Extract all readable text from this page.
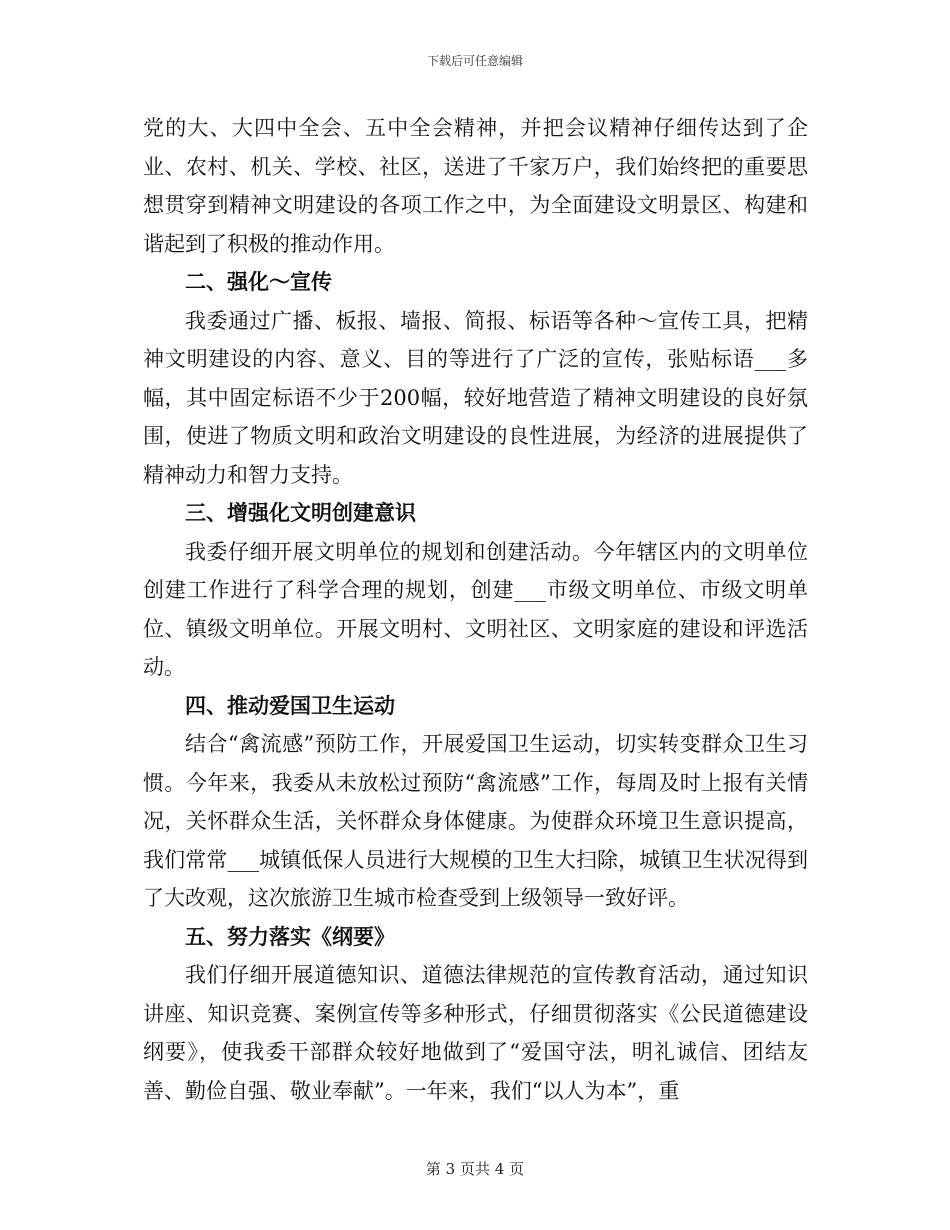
下载后可任意编辑

党的大、大四中全会、五中全会精神，并把会议精神仔细传达到了企业、农村、机关、学校、社区，送进了千家万户，我们始终把的重要思想贯穿到精神文明建设的各项工作之中，为全面建设文明景区、构建和谐起到了积极的推动作用。

二、强化～宣传

我委通过广播、板报、墙报、简报、标语等各种～宣传工具，把精神文明建设的内容、意义、目的等进行了广泛的宣传，张贴标语___多幅，其中固定标语不少于200幅，较好地营造了精神文明建设的良好氛围，使进了物质文明和政治文明建设的良性进展，为经济的进展提供了精神动力和智力支持。

三、增强化文明创建意识

我委仔细开展文明单位的规划和创建活动。今年辖区内的文明单位创建工作进行了科学合理的规划，创建___市级文明单位、市级文明单位、镇级文明单位。开展文明村、文明社区、文明家庭的建设和评选活动。

四、推动爱国卫生运动

结合“禽流感”预防工作，开展爱国卫生运动，切实转变群众卫生习惯。今年来，我委从未放松过预防“禽流感”工作，每周及时上报有关情况，关怀群众生活，关怀群众身体健康。为使群众环境卫生意识提高，我们常常___城镇低保人员进行大规模的卫生大扫除，城镇卫生状况得到了大改观，这次旅游卫生城市检查受到上级领导一致好评。

五、努力落实《纲要》

我们仔细开展道德知识、道德法律规范的宣传教育活动，通过知识讲座、知识竞赛、案例宣传等多种形式，仔细贯彻落实《公民道德建设纲要》，使我委干部群众较好地做到了“爱国守法，明礼诚信、团结友善、勤俭自强、敬业奉献”。一年来，我们“以人为本”，重

第 3 页共 4 页
